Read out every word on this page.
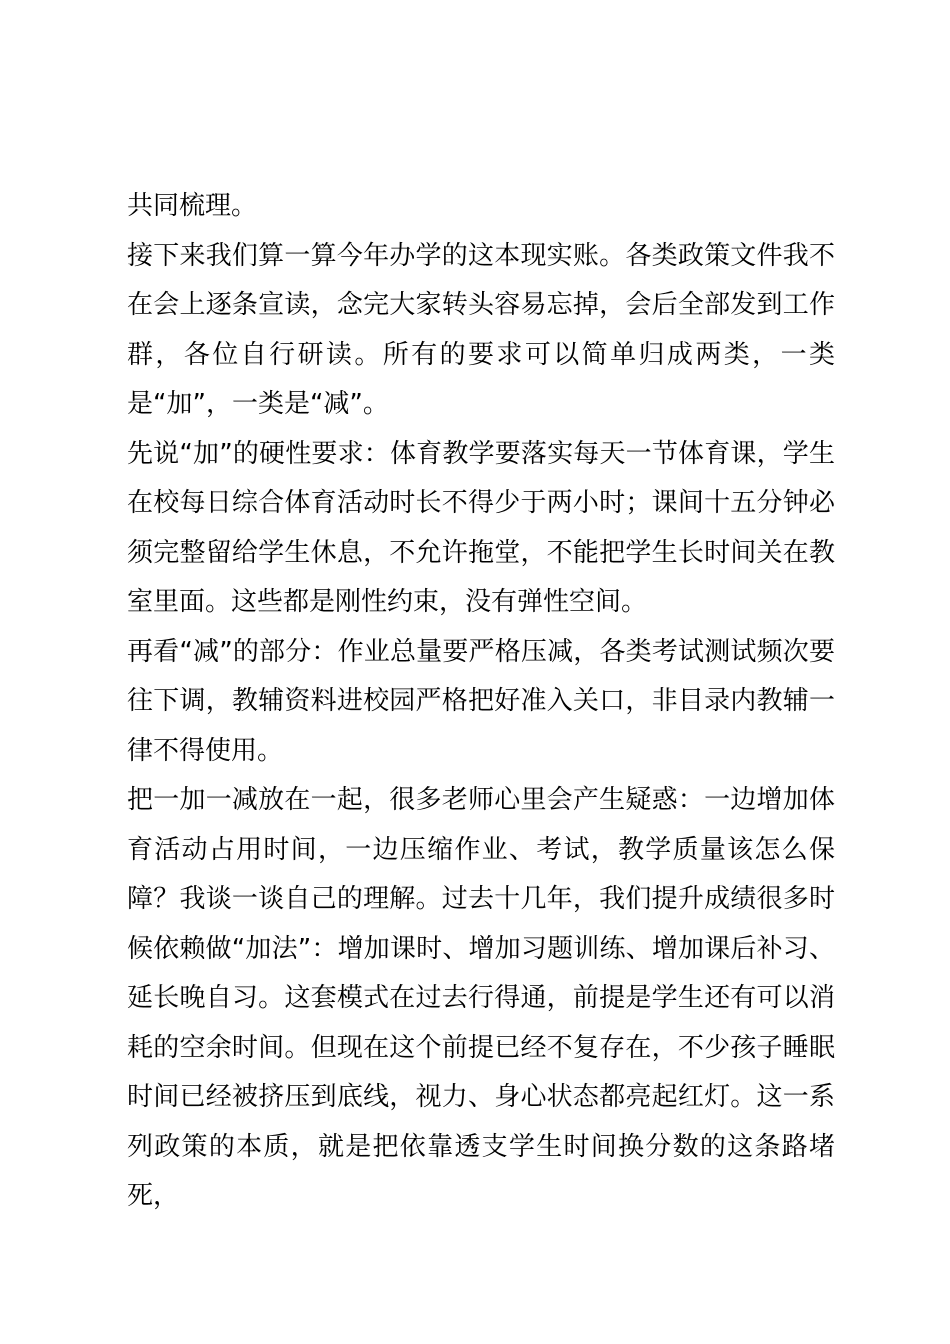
共同梳理。

接下来我们算一算今年办学的这本现实账。各类政策文件我不在会上逐条宣读，念完大家转头容易忘掉，会后全部发到工作群，各位自行研读。所有的要求可以简单归成两类，一类是“加”，一类是“减”。

先说“加”的硬性要求：体育教学要落实每天一节体育课，学生在校每日综合体育活动时长不得少于两小时；课间十五分钟必须完整留给学生休息，不允许拖堂，不能把学生长时间关在教室里面。这些都是刚性约束，没有弹性空间。

再看“减”的部分：作业总量要严格压减，各类考试测试频次要往下调，教辅资料进校园严格把好准入关口，非目录内教辅一律不得使用。

把一加一减放在一起，很多老师心里会产生疑惑：一边增加体育活动占用时间，一边压缩作业、考试，教学质量该怎么保障？我谈一谈自己的理解。过去十几年，我们提升成绩很多时候依赖做“加法”：增加课时、增加习题训练、增加课后补习、延长晚自习。这套模式在过去行得通，前提是学生还有可以消耗的空余时间。但现在这个前提已经不复存在，不少孩子睡眠时间已经被挤压到底线，视力、身心状态都亮起红灯。这一系列政策的本质，就是把依靠透支学生时间换分数的这条路堵死，
